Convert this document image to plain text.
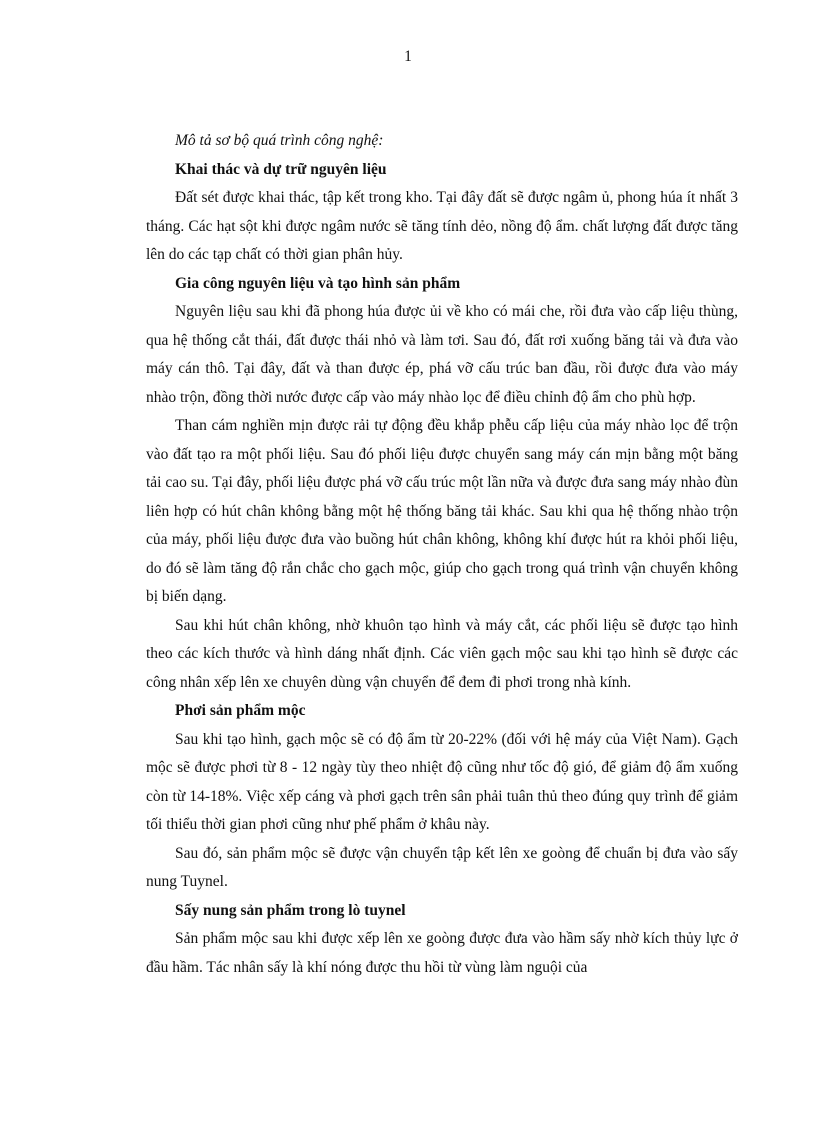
1

Mô tả sơ bộ quá trình công nghệ:

Khai thác và dự trữ nguyên liệu

Đất sét được khai thác, tập kết trong kho. Tại đây đất sẽ được ngâm ủ, phong húa ít nhất 3 tháng. Các hạt sột khi được ngâm nước sẽ tăng tính dẻo, nồng độ ẩm. chất lượng đất được tăng lên do các tạp chất có thời gian phân hủy.

Gia công nguyên liệu và tạo hình sản phẩm

Nguyên liệu sau khi đã phong húa được ủi về kho có mái che, rồi đưa vào cấp liệu thùng, qua hệ thống cắt thái, đất được thái nhỏ và làm tơi. Sau đó, đất rơi xuống băng tải và đưa vào máy cán thô. Tại đây, đất và than được ép, phá vỡ cấu trúc ban đầu, rồi được đưa vào máy nhào trộn, đồng thời nước được cấp vào máy nhào lọc để điều chỉnh độ ẩm cho phù hợp.

Than cám nghiền mịn được rải tự động đều khắp phễu cấp liệu của máy nhào lọc để trộn vào đất tạo ra một phối liệu. Sau đó phối liệu được chuyển sang máy cán mịn bằng một băng tải cao su. Tại đây, phối liệu được phá vỡ cấu trúc một lần nữa và được đưa sang máy nhào đùn liên hợp có hút chân không bằng một hệ thống băng tải khác. Sau khi qua hệ thống nhào trộn của máy, phối liệu được đưa vào buồng hút chân không, không khí được hút ra khỏi phối liệu, do đó sẽ làm tăng độ rắn chắc cho gạch mộc, giúp cho gạch trong quá trình vận chuyển không bị biến dạng.

Sau khi hút chân không, nhờ khuôn tạo hình và máy cắt, các phối liệu sẽ được tạo hình theo các kích thước và hình dáng nhất định. Các viên gạch mộc sau khi tạo hình sẽ được các công nhân xếp lên xe chuyên dùng vận chuyển để đem đi phơi trong nhà kính.

Phơi sản phẩm mộc

Sau khi tạo hình, gạch mộc sẽ có độ ẩm từ 20-22% (đối với hệ máy của Việt Nam). Gạch mộc sẽ được phơi từ 8 - 12 ngày tùy theo nhiệt độ cũng như tốc độ gió, để giảm độ ẩm xuống còn từ 14-18%. Việc xếp cáng và phơi gạch trên sân phải tuân thủ theo đúng quy trình để giảm tối thiểu thời gian phơi cũng như phế phẩm ở khâu này.

Sau đó, sản phẩm mộc sẽ được vận chuyển tập kết lên xe goòng để chuẩn bị đưa vào sấy nung Tuynel.

Sấy nung sản phẩm trong lò tuynel

Sản phẩm mộc sau khi được xếp lên xe goòng được đưa vào hầm sấy nhờ kích thủy lực ở đầu hầm. Tác nhân sấy là khí nóng được thu hồi từ vùng làm nguội của
